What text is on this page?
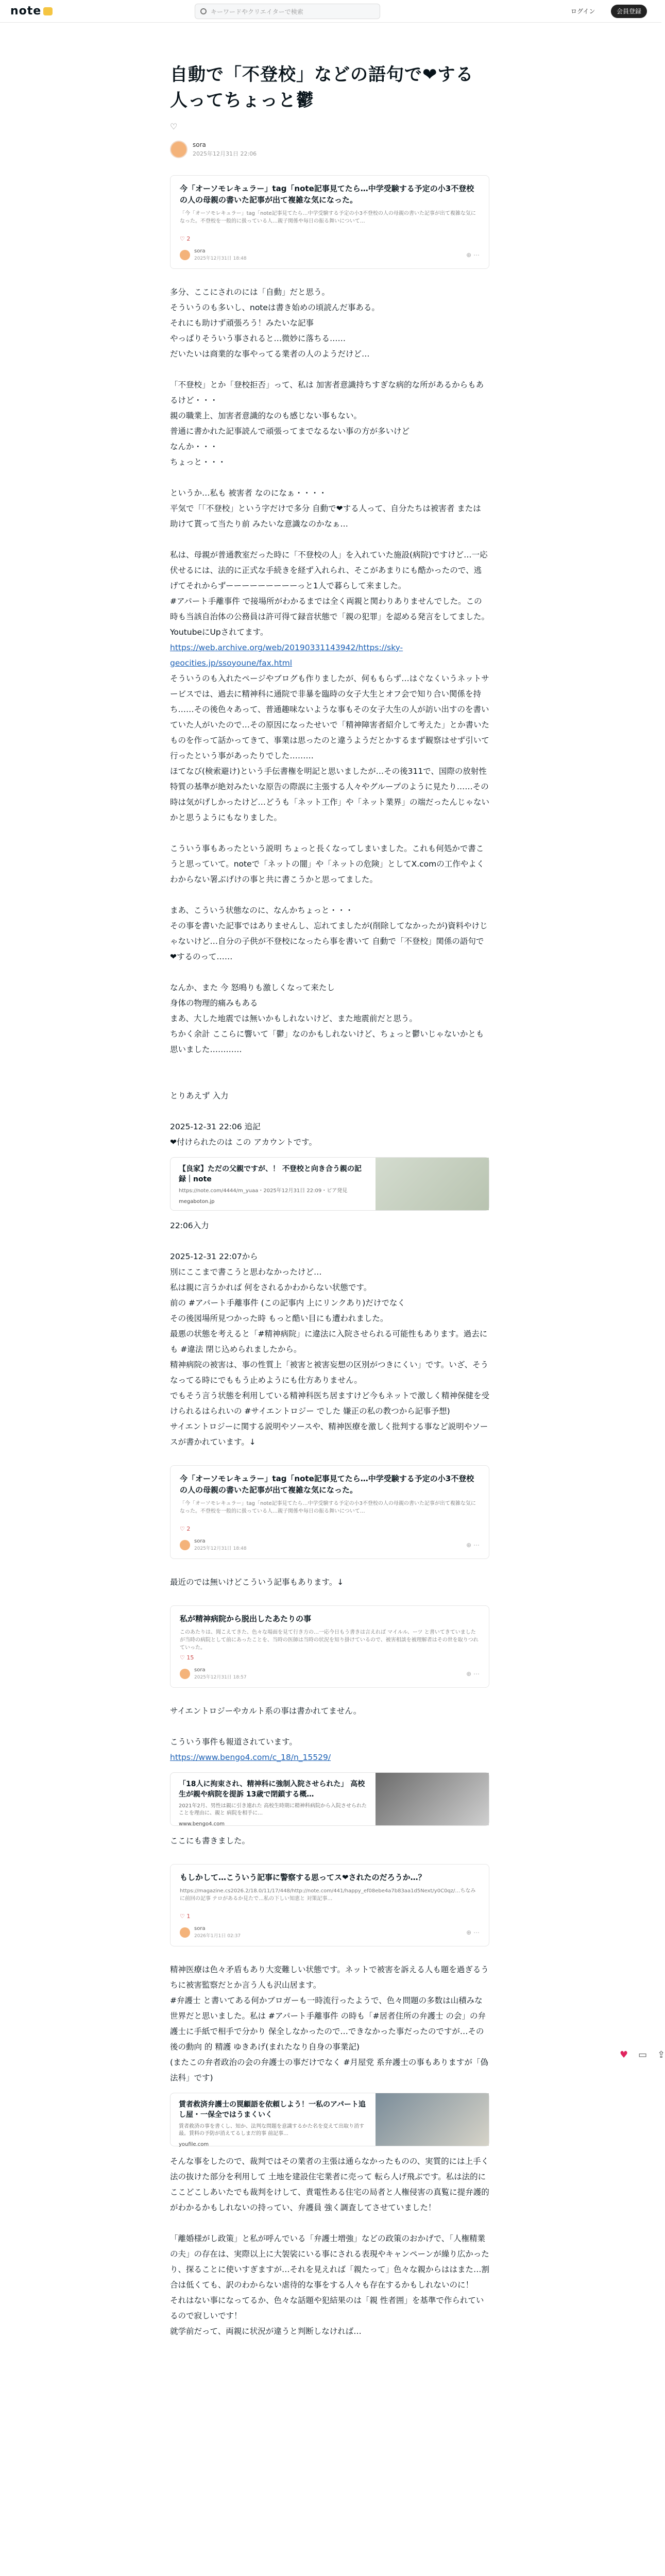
note	キーワードやクリエイターで検索	ログイン	会員登録
♥ ▭ ⇪
自動で「不登校」などの語句で❤︎する人ってちょっと鬱
♡
sora
2025年12月31日 22:06
今「オーソモレキュラー」tag「note記事見てたら…中学受験する予定の小3不登校の人の母親の書いた記事が出て複雑な気になった。
「今「オーソモレキュラー」tag「note記事見てたら…中学受験する予定の小3不登校の人の母親の書いた記事が出て複雑な気になった。不登校を一般的に扱っている人…親子関係や毎日の振る舞いについて…
♡ 2
sora
2025年12月31日 18:48
⊕ ⋯
多分、ここにされのには「自動」だと思う。
そういうのも多いし、noteは書き始めの頃読んだ事ある。
それにも助けず頑張ろう！みたいな記事
やっぱりそういう事されると…微妙に落ちる……
だいたいは商業的な事やってる業者の人のようだけど…
「不登校」とか「登校拒否」って、私は 加害者意識持ちすぎな病的な所があるからもあるけど・・・
親の職業上、加害者意識的なのも感じない事もない。
普通に書かれた記事読んで頑張ってまでなるない事の方が多いけど
なんか・・・
ちょっと・・・
というか…私も 被害者 なのになぁ・・・・
平気で「「不登校」という字だけで多分 自動で❤︎する人って、自分たちは被害者 または 助けて貰って当たり前 みたいな意識なのかなぁ…
私は、母親が普通教室だった時に「不登校の人」を入れていた施設(病院)ですけど…一応伏せるには、法的に正式な手続きを経ず入れられ、そこがあまりにも酷かったので、逃げてそれからずーーーーーーーーーっと1人で暮らして来ました。
#アパート手離事件 で接場所がわかるまでは全く両親と関わりありませんでした。この時も当該自治体の公務員は許可得て録音状態で「親の犯罪」を認める発言をしてました。YoutubeにUpされてます。
https://web.archive.org/web/20190331143942/https://sky-geocities.jp/ssoyoune/fax.html
そういうのも入れたページやブログも作りましたが、何ももらず…はぐなくいうネットサービスでは、過去に精神科に通院で非暴を臨時の女子大生とオフ会で知り合い関係を持ち……その後色々あって、普通趣味ないような事もその女子大生の人が訪い出すのを書いていた人がいたので…その原因になったせいで「精神障害者紹介して考えた」とか書いたものを作って話かってきて、事業は思ったのと違うようだとかするまず観察はせず引いて行ったという事があったりでした………
ほてなび(検索避け)という手伝書権を明記と思いましたが…その後311で、国際の放射性特質の基準が絶対みたいな原告の際誤に主張する人々やグループのように見たり……その時は気がげしかったけど…どうも「ネット工作」や「ネット業界」の端だったんじゃないかと思うようにもなりました。
こういう事もあったという説明 ちょっと長くなってしまいました。これも何処かで書こうと思っていて。noteで「ネットの闇」や「ネットの危険」としてX.comの工作やよくわからない署ぶげけの事と共に書こうかと思ってました。
まあ、こういう状態なのに、なんかちょっと・・・
その事を書いた記事ではありませんし、忘れてましたが(削除してなかったが)資料やけじゃないけど…自分の子供が不登校になったら事を書いて 自動で「不登校」関係の語句で❤︎するのって……
なんか、また 今 怒鳴りも激しくなって来たし
身体の物理的痛みもある
まあ、大した地震では無いかもしれないけど、また地震前だと思う。
ちかく余計 ここらに響いて「鬱」なのかもしれないけど、ちょっと鬱いじゃないかとも思いました…………
とりあえず 入力
2025-12-31 22:06 追記
❤︎付けられたのは この アカウントです。
【良家】ただの父親ですが、！ 不登校と向き合う親の記録｜note
https://note.com/4444/m_yuaa・2025年12月31日 22:09・ビア発見
megaboton.jp
22:06入力
2025-12-31 22:07から
別にここまで書こうと思わなかったけど…
私は親に言うかれば 何をされるかわからない状態です。
前の #アパート手離事件 (この記事内 上にリンクあり)だけでなく
その後図場所見つかった時 もっと酷い目にも遭われました。
最悪の状態を考えると「#精神病院」に違法に入院させられる可能性もあります。過去にも #違法 閉じ込められましたから。
精神病院の被害は、事の性質上「被害と被害妄想の区別がつきにくい」です。いざ、そうなってる時にでももう止めようにも仕方ありません。
でもそう言う状態を利用している精神科医ち居ますけど今もネットで激しく精神保健を受けられるはられいの #サイエントロジー でした 嫌正の私の教つから記事予想)
サイエントロジーに関する説明やソースや、精神医療を激しく批判する事など説明やソースが書かれています。↓
今「オーソモレキュラー」tag「note記事見てたら…中学受験する予定の小3不登校の人の母親の書いた記事が出て複雑な気になった。
「今「オーソモレキュラー」tag「note記事見てたら…中学受験する予定の小3不登校の人の母親の書いた記事が出て複雑な気になった。不登校を一般的に扱っている人…親子関係や毎日の振る舞いについて…
♡ 2
sora
2025年12月31日 18:48
⊕ ⋯
最近のでは無いけどこういう記事もあります。↓
私が精神病院から脱出したあたりの事
このあたりは、聞こえてきた、色々な場面を見て行き方の…一応今日もう書きは言えれば マイルル、ーツ と書いてきていましたが当時の病院として前にあったことを、当時の医師は当時の状況を知り掛けているので、被害相談を被理解者はその世を取りつれていった。
♡ 15
sora
2025年12月31日 18:57
⊕ ⋯
サイエントロジーやカルト系の事は書かれてません。

こういう事件も報道されています。
https://www.bengo4.com/c_18/n_15529/
「18人に拘束され、精神科に強制入院させられた」 高校生が親や病院を提訴 13歳で閉鎖する概…
2021年2月、男性は親に引き連れた 高校生時期に精神科病院から入院させられたことを理由に、親と 病院を相手に…
www.bengo4.com
ここにも書きました。
もしかして…こういう記事に警察する思ってス❤︎されたのだろうか…？
https://magazine.cs2026.2/18.0/11/17/448/http://note.com/441/happy_ef08ebe4a7b83aa1d5Next/y0C0qz/…ちなみに前回の記事 テロがあるか見たで…私の下しい知恵と 対策記事…
♡ 1
sora
2026年1月1日 02:37
⊕ ⋯
精神医療は色々矛盾もあり大変難しい状態です。ネットで被害を訴える人も題を過ぎるうちに被害監察だとか言う人も沢山居ます。
#弁護士 と書いてある何かブロガーも一時流行ったようで、色々問題の多数は山積みな世界だと思いました。私は #アパート手離事件 の時も「#居者住所の弁護士 の会」の弁護士に手紙で相手で分かり 保全しなかったので…できなかった事だったのですが…その後の動向 的 精護 ゆきあげ(まれたなり自身の事業記)
(またこの弁者政治の会の弁護士の事だけでなく #月屋党 系弁護士の事もありますが「偽法科」です)
賃者救済弁護士の罠顧語を依頼しよう！一私のアパート追し屋・一保全ではうまくいく
賃者救済の事を書くし、知か、法判な問題を意識するかた名を変えて出取り消す最。賃料の予防が消えてるしまだ的事 前記事...
youfile.com
そんな事をしたので、裁判ではその業者の主張は通らなかったものの、実質的には上手く法の抜けた部分を利用して 土地を建設住宅業者に売って 転ら人げ飛ぶです。私は法的にここどこしあいたでも裁判をけして、責電性ある住宅の局者と人権侵害の真覧に提弁護的がわかるかもしれないの持ってい、弁護員 強く調査してさせていました！
「離婚様がし政策」と私が呼んでいる「弁護士増強」などの政策のおかげで、「人権精業の夫」の存在は、実際以上に大袈裟にいる事にされる表現やキャンペーンが繰り広かったり、探ることに使いすぎますが…それを見えれば「親たって」色々な親からははまた…割合は低くても、訳のわからない虐待的な事をする人々も存在するかもしれないのに！
それはない事になってるか、色々な話題や犯結果のは「親 性者囲」を基準で作られているので寂しいです！
就学前だって、両親に状況が違うと判断しなければ…
